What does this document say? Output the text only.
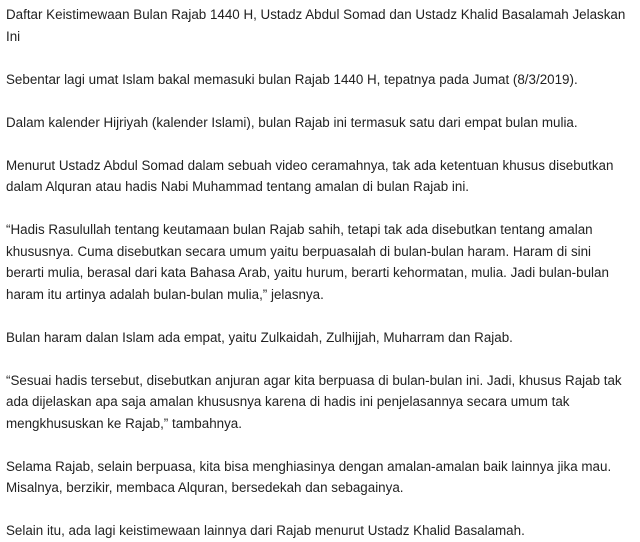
Daftar Keistimewaan Bulan Rajab 1440 H, Ustadz Abdul Somad dan Ustadz Khalid Basalamah Jelaskan Ini

Sebentar lagi umat Islam bakal memasuki bulan Rajab 1440 H, tepatnya pada Jumat (8/3/2019).

Dalam kalender Hijriyah (kalender Islami), bulan Rajab ini termasuk satu dari empat bulan mulia.

Menurut Ustadz Abdul Somad dalam sebuah video ceramahnya, tak ada ketentuan khusus disebutkan dalam Alquran atau hadis Nabi Muhammad tentang amalan di bulan Rajab ini.

“Hadis Rasulullah tentang keutamaan bulan Rajab sahih, tetapi tak ada disebutkan tentang amalan khususnya. Cuma disebutkan secara umum yaitu berpuasalah di bulan-bulan haram. Haram di sini berarti mulia, berasal dari kata Bahasa Arab, yaitu hurum, berarti kehormatan, mulia. Jadi bulan-bulan haram itu artinya adalah bulan-bulan mulia,” jelasnya.

Bulan haram dalan Islam ada empat, yaitu Zulkaidah, Zulhijjah, Muharram dan Rajab.

“Sesuai hadis tersebut, disebutkan anjuran agar kita berpuasa di bulan-bulan ini. Jadi, khusus Rajab tak ada dijelaskan apa saja amalan khususnya karena di hadis ini penjelasannya secara umum tak mengkhususkan ke Rajab,” tambahnya.

Selama Rajab, selain berpuasa, kita bisa menghiasinya dengan amalan-amalan baik lainnya jika mau. Misalnya, berzikir, membaca Alquran, bersedekah dan sebagainya.

Selain itu, ada lagi keistimewaan lainnya dari Rajab menurut Ustadz Khalid Basalamah.
